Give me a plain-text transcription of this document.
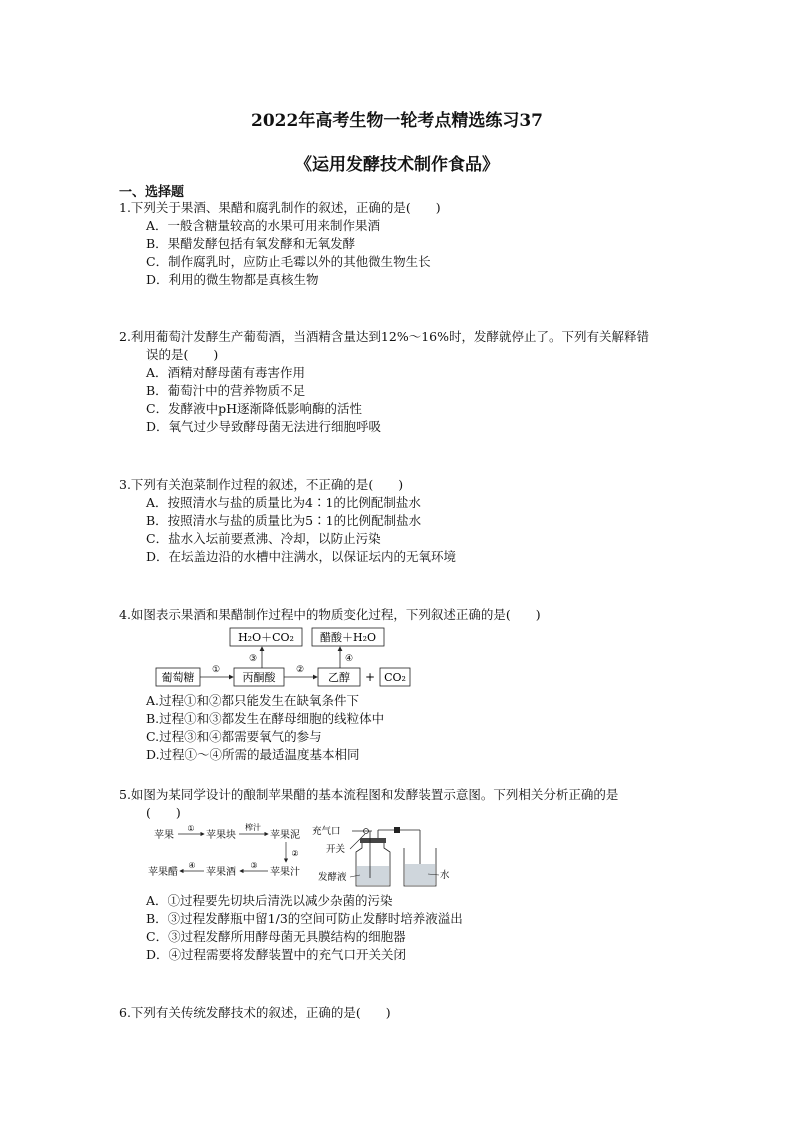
2022年高考生物一轮考点精选练习37
《运用发酵技术制作食品》
一、选择题
1.下列关于果酒、果醋和腐乳制作的叙述，正确的是(　　)
A．一般含糖量较高的水果可用来制作果酒
B．果醋发酵包括有氧发酵和无氧发酵
C．制作腐乳时，应防止毛霉以外的其他微生物生长
D．利用的微生物都是真核生物
2.利用葡萄汁发酵生产葡萄酒，当酒精含量达到12%～16%时，发酵就停止了。下列有关解释错
误的是(　　)
A．酒精对酵母菌有毒害作用
B．葡萄汁中的营养物质不足
C．发酵液中pH逐渐降低影响酶的活性
D．氧气过少导致酵母菌无法进行细胞呼吸
3.下列有关泡菜制作过程的叙述，不正确的是(　　)
A．按照清水与盐的质量比为4∶1的比例配制盐水
B．按照清水与盐的质量比为5∶1的比例配制盐水
C．盐水入坛前要煮沸、冷却，以防止污染
D．在坛盖边沿的水槽中注满水，以保证坛内的无氧环境
4.如图表示果酒和果醋制作过程中的物质变化过程，下列叙述正确的是(　　)
H₂O＋CO₂ 醋酸＋H₂O
葡萄糖	丙酮酸	乙醇 + CO₂
①	②
③	④
A.过程①和②都只能发生在缺氧条件下
B.过程①和③都发生在酵母细胞的线粒体中
C.过程③和④都需要氧气的参与
D.过程①～④所需的最适温度基本相同
5.如图为某同学设计的酿制苹果醋的基本流程图和发酵装置示意图。下列相关分析正确的是
(　　)
苹果
①
苹果块
榨汁
苹果泥
②
苹果汁
③
苹果酒
④
苹果醋
充气口
开关
发酵液	水
A．①过程要先切块后清洗以减少杂菌的污染
B．③过程发酵瓶中留1/3的空间可防止发酵时培养液溢出
C．③过程发酵所用酵母菌无具膜结构的细胞器
D．④过程需要将发酵装置中的充气口开关关闭
6.下列有关传统发酵技术的叙述，正确的是(　　)
